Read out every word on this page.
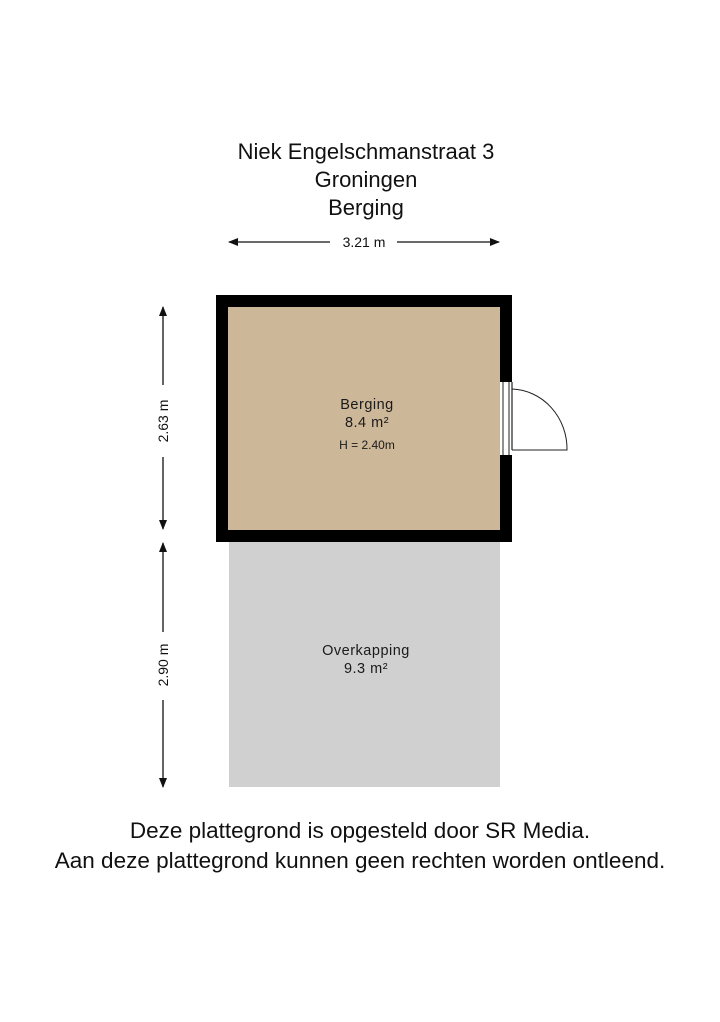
Niek Engelschmanstraat 3
Groningen
Berging
3.21 m
2.63 m
2.90 m
Berging
8.4 m²
H = 2.40m
Overkapping
9.3 m²
Deze plattegrond is opgesteld door SR Media.
Aan deze plattegrond kunnen geen rechten worden ontleend.
